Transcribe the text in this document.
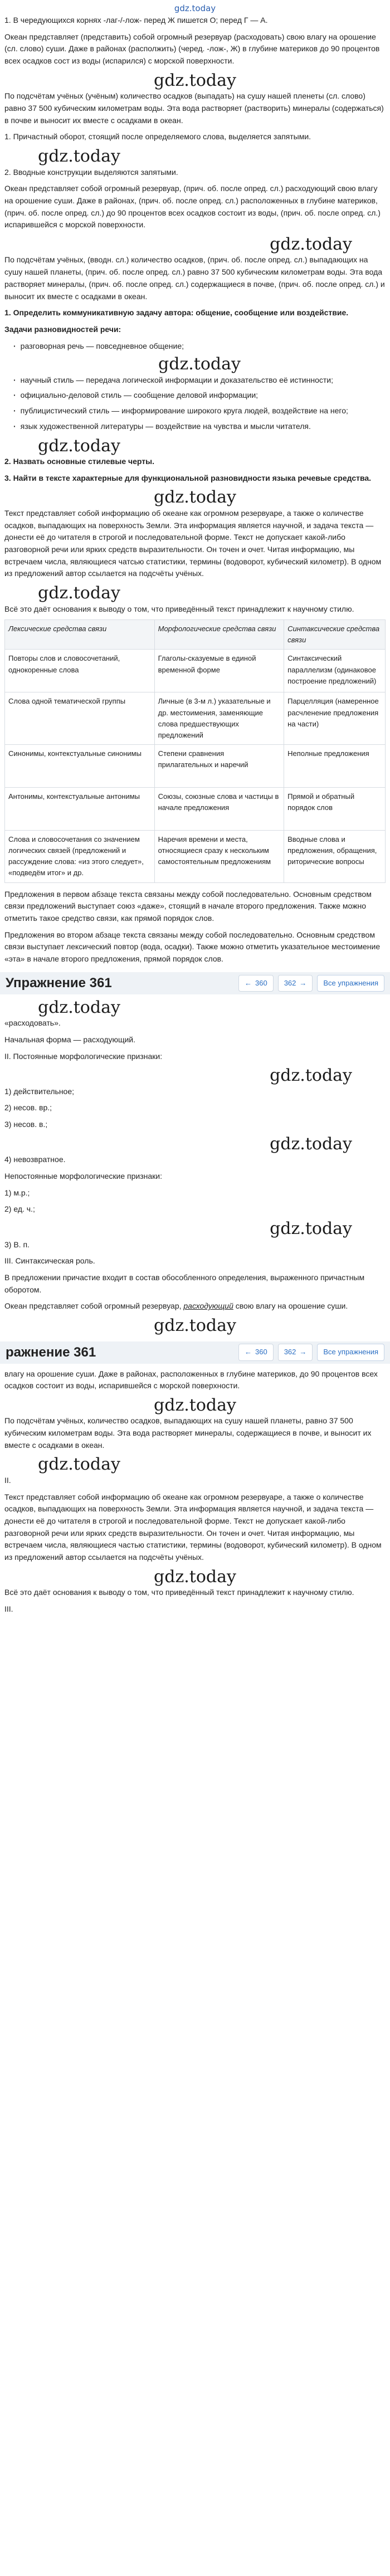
gdz.today

1. В чередующихся корнях -лаг-/-лож- перед Ж пишется О; перед Г — А.

Океан представляет (представить) собой огромный резервуар (расходовать) свою влагу на орошение (сл. слово) суши. Даже в районах (располжить) (черед. -лож-, Ж) в глубине материков до 90 процентов всех осадков сост из воды (испарился) с морской поверхности.

gdz.today

По подсчётам учёных (учёным) количество осадков (выпадать) на сушу нашей пл​енеты (сл. слово) равно 37 500 кубическим километрам воды. Эта вода растворяет (растворить) минералы (содержаться) в почве и выносит их вместе с осадками в океан.

1. Причастный оборот, стоящий после определяемого слова, выделяется запятыми.

gdz.today

2. Вводные конструкции выделяются запятыми.

Океан представляет собой огромный резервуар, (прич. об. после опред. сл.) расходующий свою влагу на орошение суши. Даже в районах, (прич. об. после опред. сл.) расположенных в глубине материков, (прич. об. после опред. сл.) до 90 процентов всех осадков состоит из воды, (прич. об. после опред. сл.) испарившейся с морской поверхности.

gdz.today

По подсчётам учёных, (вводн. сл.) количество осадков, (прич. об. после опред. сл.) выпадающих на сушу нашей планеты, (прич. об. после опред. сл.) равно 37 500 кубическим километрам воды. Эта вода растворяет минералы, (прич. об. после опред. сл.) содержащиеся в почве, (прич. об. после опред. сл.) и выносит их вместе с осадками в океан.

1. Определить коммуникативную задачу автора: общение, сообщение или воздействие.

Задачи разновидностей речи:

· разговорная речь — повседневное общение;
gdz.today
· научный стиль — передача логической информации и доказательство её истинности;
· официально-деловой стиль — сообщение деловой информации;
· публицистический стиль — информирование широкого круга людей, воздействие на него;
· язык художественной литературы — воздействие на чувства и мысли читателя.
gdz.today

2. Назвать основные стилевые черты.

3. Найти в тексте характерные для функциональной разновидности языка речевые средства.

gdz.today

Текст представляет собой информацию об океане как огромном резервуаре, а также о количестве осадков, выпадающих на поверхность Земли. Эта информация является научной, и задача текста — донести её до читателя в строгой и последовательной форме. Текст не допускает какой-либо разговорной речи или ярких средств выразительности. Он точен и очет. Читая информацию, мы встречаем числа, являющиеся чатсью статистики, термины (водоворот, кубический километр). В одном из предложений автор ссылается на подсчёты учёных.

gdz.today

Всё это даёт основания к выводу о том, что приведённый текст принадлежит к научному стилю.

Лексические средства связи	Морфологические средства связи	Синтаксические средства связи
Повторы слов и словосочетаний, однокоренные слова	Глаголы-сказуемые в единой временной форме	Синтаксический параллелизм (одинаковое построение предложений)
Слова одной тематической группы	Личные (в 3-м л.) указательные и др. местоимения, заменяющие слова предшествующих предложений	Парцелляция (намеренное расчленение предложения на части)
Синонимы, контекстуальные синонимы	Степени сравнения прилагательных и наречий	Неполные предложения
Антонимы, контекстуальные антонимы	Союзы, союзные слова и частицы в начале предложения	Прямой и обратный порядок слов
Слова и словосочетания со значением логических связей (предложений и рассуждение слова: «из этого следует», «подведём итог» и др.	Наречия времени и места, относящиеся сразу к нескольким самостоятельным предложениям	Вводные слова и предложения, обращения, риторические вопросы

Предложения в первом абзаце текста связаны между собой последовательно. Основным средством связи предложений выступает союз «даже», стоящий в начале второго предложения. Также можно отметить такое средство связи, как прямой порядок слов.

Предложения во втором абзаце текста связаны между собой последовательно. Основным средством связи выступает лексический повтор (вода, осадки). Также можно отметить указательное местоимение «эта» в начале второго предложения, прямой порядок слов.

Упражнение 361	← 360 362 →	Все упражнения
gdz.today

«расходовать».

Начальная форма — расходующий.

II. Постоянные морфологические признаки:

gdz.today

1) действительное;

2) несов. вр.;

3) несов. в.;

gdz.today

4) невозвратное.

Непостоянные морфологические признаки:

1) м.р.;

2) ед. ч.;

gdz.today

3) В. п.

III. Синтаксическая роль.

В предложении причастие входит в состав обособленного определения, выраженного причастным оборотом.

Океан представляет собой огромный резервуар, расходующий свою влагу на орошение суши.

gdz.today
ражнение 361	← 360 362 →	Все упражнения

влагу на орошение суши. Даже в районах, расположенных в глубине материков, до 90 процентов всех осадков состоит из воды, испарившейся с морской поверхности.

gdz.today

По подсчётам учёных, количество осадков, выпадающих на сушу нашей планеты, равно 37 500 кубическим километрам воды. Эта вода растворяет минералы, содержащиеся в почве, и выносит их вместе с осадками в океан.

gdz.today

II.

Текст представляет собой информацию об океане как огромном резервуаре, а также о количестве осадков, выпадающих на поверхность Земли. Эта информация является научной, и задача текста — донести её до читателя в строгой и последовательной форме. Текст не допускает какой-либо разговорной речи или ярких средств выразительности. Он точен и очет. Читая информацию, мы встречаем числа, являющиеся частью статистики, термины (водоворот, кубический километр). В одном из предложений автор ссылается на подсчёты учёных.

gdz.today

Всё это даёт основания к выводу о том, что приведённый текст принадлежит к научному стилю.

III.
